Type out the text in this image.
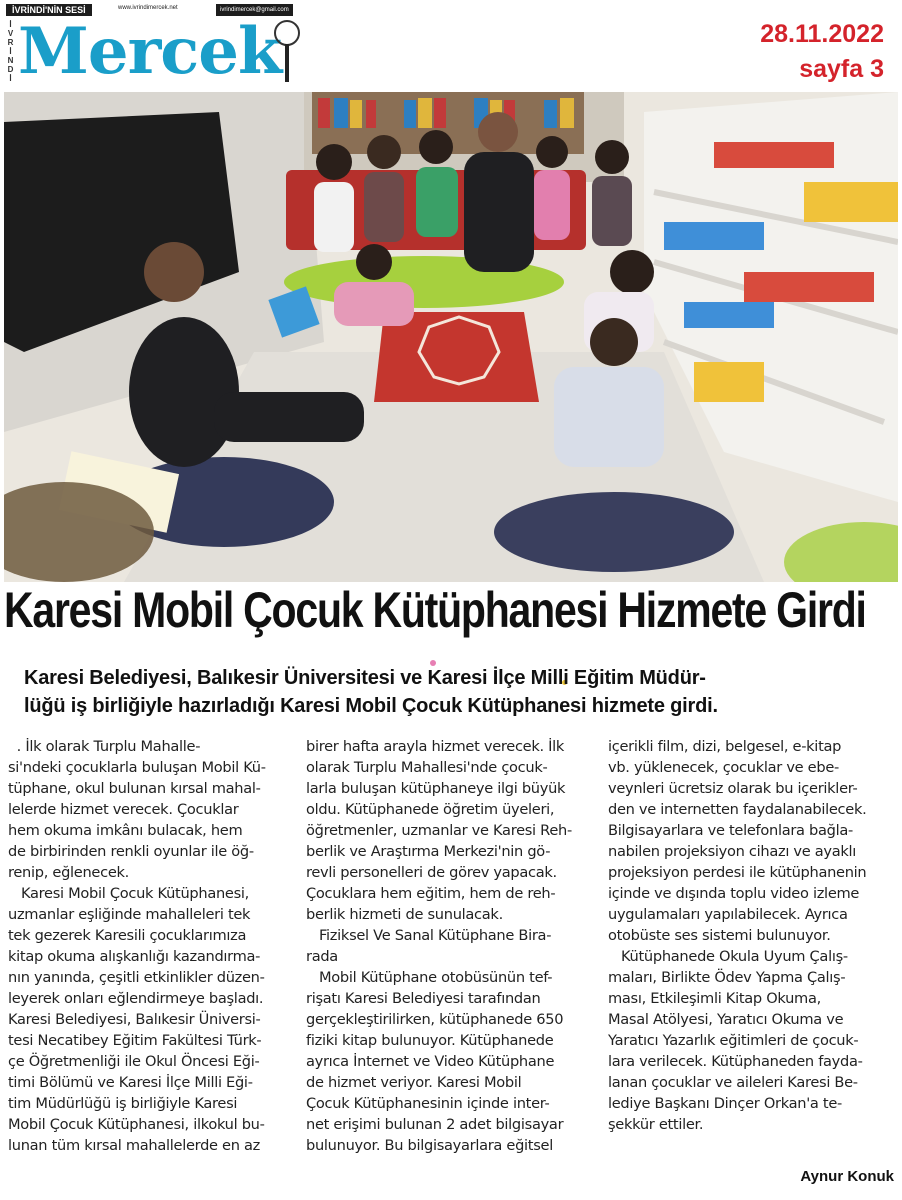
İVRİNDİ'NİN SESİ	www.ivrindimercek.net	ivrindimercek@gmail.com
İ
V
R
İ
N
D
İ Mercek	28.11.2022
sayfa 3
Karesi Mobil Çocuk Kütüphanesi Hizmete Girdi
Karesi Belediyesi, Balıkesir Üniversitesi ve Karesi İlçe Milli Eğitim Müdür-
lüğü iş birliğiyle hazırladığı Karesi Mobil Çocuk Kütüphanesi hizmete girdi.
. İlk olarak Turplu Mahalle-
si'ndeki çocuklarla buluşan Mobil Kü-
tüphane, okul bulunan kırsal mahal-
lelerde hizmet verecek. Çocuklar
hem okuma imkânı bulacak, hem
de birbirinden renkli oyunlar ile öğ-
renip, eğlenecek.
Karesi Mobil Çocuk Kütüphanesi,
uzmanlar eşliğinde mahalleleri tek
tek gezerek Karesili çocuklarımıza
kitap okuma alışkanlığı kazandırma-
nın yanında, çeşitli etkinlikler düzen-
leyerek onları eğlendirmeye başladı.
Karesi Belediyesi, Balıkesir Üniversi-
tesi Necatibey Eğitim Fakültesi Türk-
çe Öğretmenliği ile Okul Öncesi Eği-
timi Bölümü ve Karesi İlçe Milli Eği-
tim Müdürlüğü iş birliğiyle Karesi
Mobil Çocuk Kütüphanesi, ilkokul bu-
lunan tüm kırsal mahallelerde en az
birer hafta arayla hizmet verecek. İlk
olarak Turplu Mahallesi'nde çocuk-
larla buluşan kütüphaneye ilgi büyük
oldu. Kütüphanede öğretim üyeleri,
öğretmenler, uzmanlar ve Karesi Reh-
berlik ve Araştırma Merkezi'nin gö-
revli personelleri de görev yapacak.
Çocuklara hem eğitim, hem de reh-
berlik hizmeti de sunulacak.
Fiziksel Ve Sanal Kütüphane Bira-
rada
Mobil Kütüphane otobüsünün tef-
rişatı Karesi Belediyesi tarafından
gerçekleştirilirken, kütüphanede 650
fiziki kitap bulunuyor. Kütüphanede
ayrıca İnternet ve Video Kütüphane
de hizmet veriyor. Karesi Mobil
Çocuk Kütüphanesinin içinde inter-
net erişimi bulunan 2 adet bilgisayar
bulunuyor. Bu bilgisayarlara eğitsel
içerikli film, dizi, belgesel, e-kitap
vb. yüklenecek, çocuklar ve ebe-
veynleri ücretsiz olarak bu içerikler-
den ve internetten faydalanabilecek.
Bilgisayarlara ve telefonlara bağla-
nabilen projeksiyon cihazı ve ayaklı
projeksiyon perdesi ile kütüphanenin
içinde ve dışında toplu video izleme
uygulamaları yapılabilecek. Ayrıca
otobüste ses sistemi bulunuyor.
Kütüphanede Okula Uyum Çalış-
maları, Birlikte Ödev Yapma Çalış-
ması, Etkileşimli Kitap Okuma,
Masal Atölyesi, Yaratıcı Okuma ve
Yaratıcı Yazarlık eğitimleri de çocuk-
lara verilecek. Kütüphaneden fayda-
lanan çocuklar ve aileleri Karesi Be-
lediye Başkanı Dinçer Orkan'a te-
şekkür ettiler.
Aynur Konuk
